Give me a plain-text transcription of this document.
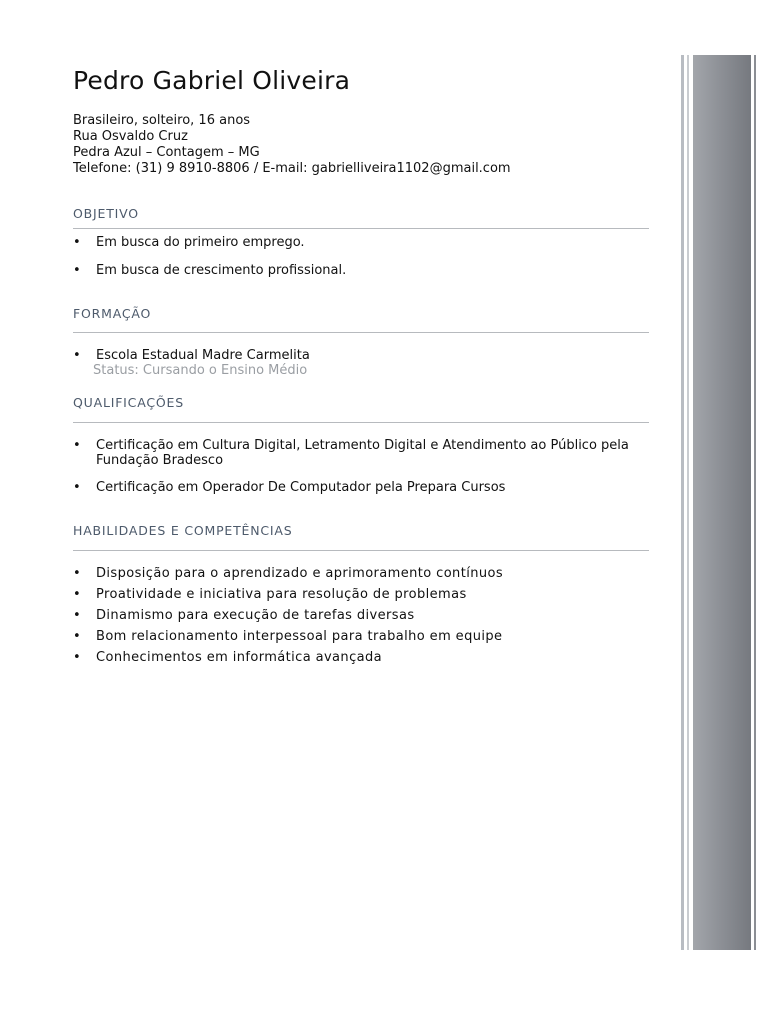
Pedro Gabriel Oliveira
Brasileiro, solteiro, 16 anos
Rua Osvaldo Cruz
Pedra Azul – Contagem – MG
Telefone: (31) 9 8910-8806 / E-mail: gabrielliveira1102@gmail.com
OBJETIVO
• Em busca do primeiro emprego.
• Em busca de crescimento profissional.
FORMAÇÃO
• Escola Estadual Madre Carmelita
Status: Cursando o Ensino Médio
QUALIFICAÇÕES
• Certificação em Cultura Digital, Letramento Digital e Atendimento ao Público pela Fundação Bradesco
• Certificação em Operador De Computador pela Prepara Cursos
HABILIDADES E COMPETÊNCIAS
• Disposição para o aprendizado e aprimoramento contínuos
• Proatividade e iniciativa para resolução de problemas
• Dinamismo para execução de tarefas diversas
• Bom relacionamento interpessoal para trabalho em equipe
• Conhecimentos em informática avançada
